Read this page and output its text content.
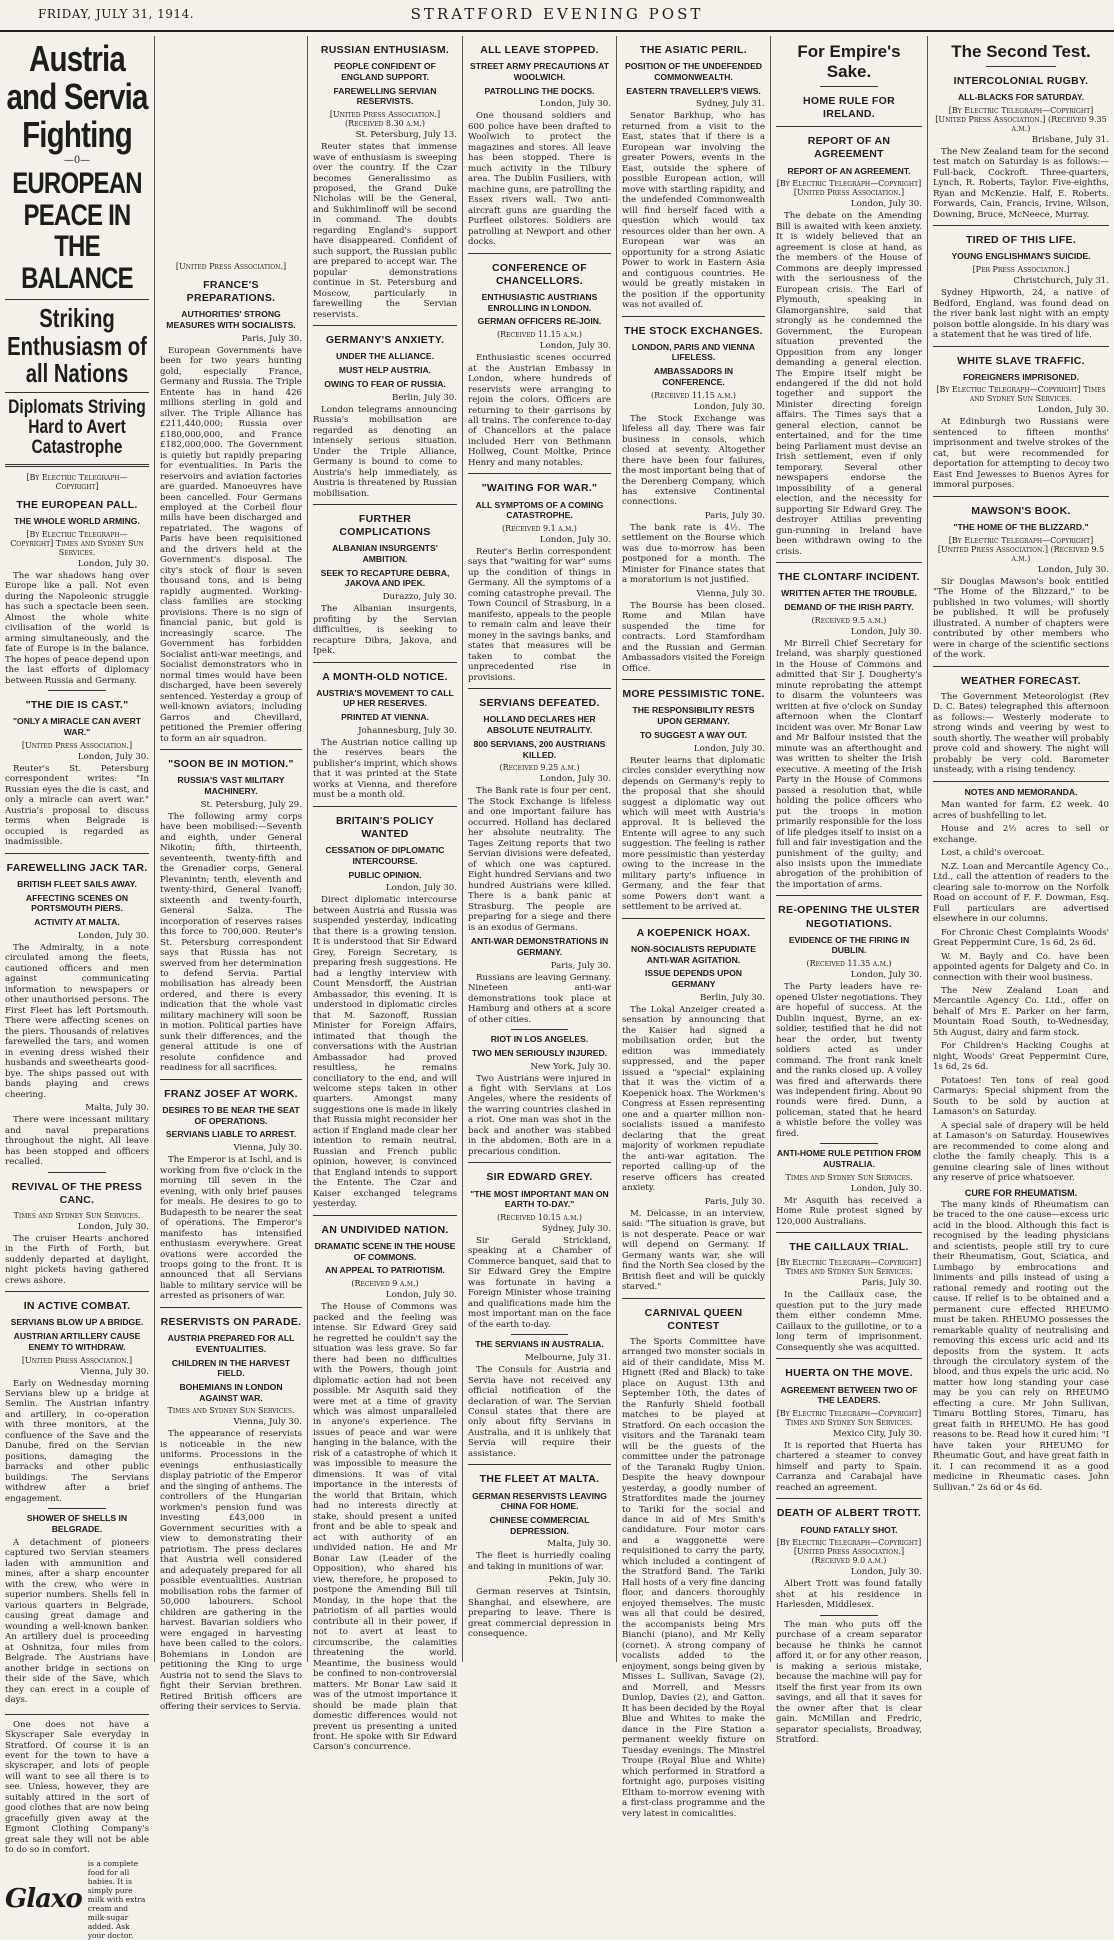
FRIDAY, JULY 31, 1914.	STRATFORD EVENING POST
Austria and Servia Fighting
—0—
EUROPEAN PEACE IN THE BALANCE
Striking Enthusiasm of all Nations
Diplomats Striving Hard to Avert Catastrophe
[By Electric Telegraph—Copyright]
THE EUROPEAN PALL.
THE WHOLE WORLD ARMING.
[By Electric Telegraph—Copyright] Times and Sydney Sun Services.
London, July 30.

The war shadows hang over Europe like a pall. Not even during the Napoleonic struggle has such a spectacle been seen. Almost the whole white civilisation of the world is arming simultaneously, and the fate of Europe is in the balance. The hopes of peace depend upon the last efforts of diplomacy between Russia and Germany.

"THE DIE IS CAST."
"ONLY A MIRACLE CAN AVERT WAR."
[United Press Association.]
London, July 30.

Reuter's St. Petersburg correspondent writes: "In Russian eyes the die is cast, and only a miracle can avert war." Austria's proposal to discuss terms when Belgrade is occupied is regarded as inadmissible.

FAREWELLING JACK TAR.
BRITISH FLEET SAILS AWAY.
AFFECTING SCENES ON PORTSMOUTH PIERS.
ACTIVITY AT MALTA.
London, July 30.

The Admiralty, in a note circulated among the fleets, cautioned officers and men against communicating information to newspapers or other unauthorised persons. The First Fleet has left Portsmouth. There were affecting scenes on the piers. Thousands of relatives farewelled the tars, and women in evening dress wished their husbands and sweethearts good-bye. The ships passed out with bands playing and crews cheering.

Malta, July 30.

There were incessant military and naval preparations throughout the night. All leave has been stopped and officers recalled.

REVIVAL OF THE PRESS CANC.
Times and Sydney Sun Services.
London, July 30.

The cruiser Hearts anchored in the Firth of Forth, but suddenly departed at daylight, night pickets having gathered crews ashore.

IN ACTIVE COMBAT.
SERVIANS BLOW UP A BRIDGE.
AUSTRIAN ARTILLERY CAUSE ENEMY TO WITHDRAW.
[United Press Association.]
Vienna, July 30.

Early on Wednesday morning Servians blew up a bridge at Semlin. The Austrian infantry and artillery, in co-operation with three monitors, at the confluence of the Save and the Danube, fired on the Servian positions, damaging the barracks and other public buildings. The Servians withdrew after a brief engagement.

SHOWER OF SHELLS IN BELGRADE.

A detachment of pioneers captured two Servian steamers laden with ammunition and mines, after a sharp encounter with the crew, who were in superior numbers. Shells fell in various quarters in Belgrade, causing great damage and wounding a well-known banker. An artillery duel is proceeding at Oshnitza, four miles from Belgrade. The Austrians have another bridge in sections on their side of the Save, which they can erect in a couple of days.

One does not have a Skyscraper Sale everyday in Stratford. Of course it is an event for the town to have a skyscraper, and lots of people will want to see all there is to see. Unless, however, they are suitably attired in the sort of good clothes that are now being gracefully given away at the Egmont Clothing Company's great sale they will not be able to do so in comfort.

Glaxo
is a complete food for all babies. It is simply pure milk with extra cream and milk-sugar added. Ask your doctor.
[United Press Association.]
FRANCE'S PREPARATIONS.
AUTHORITIES' STRONG MEASURES WITH SOCIALISTS.
Paris, July 30.

European Governments have been for two years hunting gold, especially France, Germany and Russia. The Triple Entente has in hand 426 millions sterling in gold and silver. The Triple Alliance has £211,440,000; Russia over £180,000,000, and France £182,000,000. The Government is quietly but rapidly preparing for eventualities. In Paris the reservoirs and aviation factories are guarded. Manoeuvres have been cancelled. Four Germans employed at the Corbeil flour mills have been discharged and repatriated. The wagons of Paris have been requisitioned and the drivers held at the Government's disposal. The city's stock of flour is seven thousand tons, and is being rapidly augmented. Working-class families are stocking provisions. There is no sign of financial panic, but gold is increasingly scarce. The Government has forbidden Socialist anti-war meetings, and Socialist demonstrators who in normal times would have been discharged, have been severely sentenced. Yesterday a group of well-known aviators, including Garros and Chevillard, petitioned the Premier offering to form an air squadron.

"SOON BE IN MOTION."
RUSSIA'S VAST MILITARY MACHINERY.
St. Petersburg, July 29.

The following army corps have been mobilised:—Seventh and eighth, under General Nikotin; fifth, thirteenth, seventeenth, twenty-fifth and the Grenadier corps, General Plevanintn; tenth, eleventh and twenty-third, General Ivanoff; sixteenth and twenty-fourth, General Salza. The incorporation of reserves raises this force to 700,000. Reuter's St. Petersburg correspondent says that Russia has not swerved from her determination to defend Servia. Partial mobilisation has already been ordered, and there is every indication that the whole vast military machinery will soon be in motion. Political parties have sunk their differences, and the general attitude is one of resolute confidence and readiness for all sacrifices.

FRANZ JOSEF AT WORK.
DESIRES TO BE NEAR THE SEAT OF OPERATIONS.
SERVIANS LIABLE TO ARREST.
Vienna, July 30.

The Emperor is at Ischl, and is working from five o'clock in the morning till seven in the evening, with only brief pauses for meals. He desires to go to Budapesth to be nearer the seat of operations. The Emperor's manifesto has intensified enthusiasm everywhere. Great ovations were accorded the troops going to the front. It is announced that all Servians liable to military service will be arrested as prisoners of war.

RESERVISTS ON PARADE.
AUSTRIA PREPARED FOR ALL EVENTUALITIES.
CHILDREN IN THE HARVEST FIELD.
BOHEMIANS IN LONDON AGAINST WAR.
Times and Sydney Sun Services.
Vienna, July 30.

The appearance of reservists is noticeable in the new uniforms. Processions in the evenings enthusiastically display patriotic of the Emperor and the singing of anthems. The controllers of the Hungarian workmen's pension fund was investing £43,000 in Government securities with a view to demonstrating their patriotism. The press declares that Austria well considered and adequately prepared for all possible eventualities. Austrian mobilisation robs the farmer of 50,000 labourers. School children are gathering in the harvest. Bavarian soldiers who were engaged in harvesting have been called to the colors. Bohemians in London are petitioning the King to urge Austria not to send the Slavs to fight their Servian brethren. Retired British officers are offering their services to Servia.

RUSSIAN ENTHUSIASM.
PEOPLE CONFIDENT OF ENGLAND SUPPORT.
FAREWELLING SERVIAN RESERVISTS.
[United Press Association.] (Received 8.30 a.m.)
St. Petersburg, July 13.

Reuter states that immense wave of enthusiasm is sweeping over the country. If the Czar becomes Generalissimo as proposed, the Grand Duke Nicholas will be the General, and Sukhimlinoff will be second in command. The doubts regarding England's support have disappeared. Confident of such support, the Russian public are prepared to accept war. The popular demonstrations continue in St. Petersburg and Moscow, particularly in farewelling the Servian reservists.

GERMANY'S ANXIETY.
UNDER THE ALLIANCE.
MUST HELP AUSTRIA.
OWING TO FEAR OF RUSSIA.
Berlin, July 30.

London telegrams announcing Russia's mobilisation are regarded as denoting an intensely serious situation. Under the Triple Alliance, Germany is bound to come to Austria's help immediately, as Austria is threatened by Russian mobilisation.

FURTHER COMPLICATIONS
ALBANIAN INSURGENTS' AMBITION.
SEEK TO RECAPTURE DEBRA, JAKOVA AND IPEK.
Durazzo, July 30.

The Albanian insurgents, profiting by the Servian difficulties, is seeking to recapture Dibra, Jakova, and Ipek.

A MONTH-OLD NOTICE.
AUSTRIA'S MOVEMENT TO CALL UP HER RESERVES.
PRINTED AT VIENNA.
Johannesburg, July 30.

The Austrian notice calling up the reserves bears the publisher's imprint, which shows that it was printed at the State works at Vienna, and therefore must be a month old.

BRITAIN'S POLICY WANTED
CESSATION OF DIPLOMATIC INTERCOURSE.
PUBLIC OPINION.
London, July 30.

Direct diplomatic intercourse between Austria and Russia was suspended yesterday, indicating that there is a growing tension. It is understood that Sir Edward Grey, Foreign Secretary, is preparing fresh suggestions. He had a lengthy interview with Count Mensdorff, the Austrian Ambassador, this evening. It is understood in diplomatic circles that M. Sazonoff, Russian Minister for Foreign Affairs, intimated that though the conversations with the Austrian Ambassador had proved resultless, he remains conciliatory to the end, and will welcome steps taken in other quarters. Amongst many suggestions one is made in likely that Russia might reconsider her action if England made clear her intention to remain neutral. Russian and French public opinion, however, is convinced that England intends to support the Entente. The Czar and Kaiser exchanged telegrams yesterday.

AN UNDIVIDED NATION.
DRAMATIC SCENE IN THE HOUSE OF COMMONS.
AN APPEAL TO PATRIOTISM.
(Received 9 a.m.)
London, July 30.

The House of Commons was packed and the feeling was intense. Sir Edward Grey said he regretted he couldn't say the situation was less grave. So far there had been no difficulties with the Powers, though joint diplomatic action had not been possible. Mr Asquith said they were met at a time of gravity which was almost unparalleled in anyone's experience. The issues of peace and war were hanging in the balance, with the risk of a catastrophe of which it was impossible to measure the dimensions. It was of vital importance in the interests of the world that Britain, which had no interests directly at stake, should present a united front and be able to speak and act with authority of an undivided nation. He and Mr Bonar Law (Leader of the Opposition), who shared his view, therefore, he proposed to postpone the Amending Bill till Monday, in the hope that the patriotism of all parties would contribute all in their power, if not to avert at least to circumscribe, the calamities threatening the world. Meantime, the business would be confined to non-controversial matters. Mr Bonar Law said it was of the utmost importance it should be made plain that domestic differences would not prevent us presenting a united front. He spoke with Sir Edward Carson's concurrence.

ALL LEAVE STOPPED.
STREET ARMY PRECAUTIONS AT WOOLWICH.
PATROLLING THE DOCKS.
London, July 30.

One thousand soldiers and 600 police have been drafted to Woolwich to protect the magazines and stores. All leave has been stopped. There is much activity in the Tilbury area. The Dublin Fusiliers, with machine guns, are patrolling the Essex rivers wall. Two anti-aircraft guns are guarding the Purfleet oilstores. Soldiers are patrolling at Newport and other docks.

CONFERENCE OF CHANCELLORS.
ENTHUSIASTIC AUSTRIANS ENROLLING IN LONDON.
GERMAN OFFICERS RE-JOIN.
(Received 11.15 a.m.)
London, July 30.

Enthusiastic scenes occurred at the Austrian Embassy in London, where hundreds of reservists were arranging to rejoin the colors. Officers are returning to their garrisons by all trains. The conference to-day of Chancellors at the palace included Herr von Bethmann Hollweg, Count Moltke, Prince Henry and many notables.

"WAITING FOR WAR."
ALL SYMPTOMS OF A COMING CATASTROPHE.
(Received 9.1 a.m.)
London, July 30.

Reuter's Berlin correspondent says that "waiting for war" sums up the condition of things in Germany. All the symptoms of a coming catastrophe prevail. The Town Council of Strasburg, in a manifesto, appeals to the people to remain calm and leave their money in the savings banks, and states that measures will be taken to combat the unprecedented rise in provisions.

SERVIANS DEFEATED.
HOLLAND DECLARES HER ABSOLUTE NEUTRALITY.
800 SERVIANS, 200 AUSTRIANS KILLED.
(Received 9.25 a.m.)
London, July 30.

The Bank rate is four per cent. The Stock Exchange is lifeless and one important failure has occurred. Holland has declared her absolute neutrality. The Tages Zeitung reports that two Servian divisions were defeated, of which one was captured. Eight hundred Servians and two hundred Austrians were killed. There is a bank panic at Strasburg. The people are preparing for a siege and there is an exodus of Germans.

ANTI-WAR DEMONSTRATIONS IN GERMANY.
Paris, July 30.

Russians are leaving Germany. Nineteen anti-war demonstrations took place at Hamburg and others at a score of other cities.

RIOT IN LOS ANGELES.
TWO MEN SERIOUSLY INJURED.
New York, July 30.

Two Austrians were injured in a fight with Servians at Los Angeles, where the residents of the warring countries clashed in a riot. One man was shot in the back and another was stabbed in the abdomen. Both are in a precarious condition.

SIR EDWARD GREY.
"THE MOST IMPORTANT MAN ON EARTH TO-DAY."
(Received 10.15 a.m.)
Sydney, July 30.

Sir Gerald Strickland, speaking at a Chamber of Commerce banquet, said that to Sir Edward Grey the Empire was fortunate in having a Foreign Minister whose training and qualifications made him the most important man on the face of the earth to-day.

THE SERVIANS IN AUSTRALIA.
Melbourne, July 31.

The Consuls for Austria and Servia have not received any official notification of the declaration of war. The Servian Consul states that there are only about fifty Servians in Australia, and it is unlikely that Servia will require their assistance.

THE FLEET AT MALTA.
GERMAN RESERVISTS LEAVING CHINA FOR HOME.
CHINESE COMMERCIAL DEPRESSION.
Malta, July 30.

The fleet is hurriedly coaling and taking in munitions of war.

Pekin, July 30.

German reserves at Tsintsin, Shanghai, and elsewhere, are preparing to leave. There is great commercial depression in consequence.

THE ASIATIC PERIL.
POSITION OF THE UNDEFENDED COMMONWEALTH.
EASTERN TRAVELLER'S VIEWS.
Sydney, July 31.

Senator Barkhup, who has returned from a visit to the East, states that if there is a European war involving the greater Powers, events in the East, outside the sphere of possible European action, will move with startling rapidity, and the undefended Commonwealth will find herself faced with a question which would tax resources older than her own. A European war was an opportunity for a strong Asiatic Power to work in Eastern Asia and contiguous countries. He would be greatly mistaken in the position if the opportunity was not availed of.

THE STOCK EXCHANGES.
LONDON, PARIS AND VIENNA LIFELESS.
AMBASSADORS IN CONFERENCE.
(Received 11.15 a.m.)
London, July 30.

The Stock Exchange was lifeless all day. There was fair business in consols, which closed at seventy. Altogether there have been four failures, the most important being that of the Derenberg Company, which has extensive Continental connections.

Paris, July 30.

The bank rate is 4½. The settlement on the Bourse which was due to-morrow has been postponed for a month. The Minister for Finance states that a moratorium is not justified.

Vienna, July 30.

The Bourse has been closed. Rome and Milan have suspended the time for contracts. Lord Stamfordham and the Russian and German Ambassadors visited the Foreign Office.

MORE PESSIMISTIC TONE.
THE RESPONSIBILITY RESTS UPON GERMANY.
TO SUGGEST A WAY OUT.
London, July 30.

Reuter learns that diplomatic circles consider everything now depends on Germany's reply to the proposal that she should suggest a diplomatic way out which will meet with Austria's approval. It is believed the Entente will agree to any such suggestion. The feeling is rather more pessimistic than yesterday owing to the increase in the military party's influence in Germany, and the fear that some Powers don't want a settlement to be arrived at.

A KOEPENICK HOAX.
NON-SOCIALISTS REPUDIATE ANTI-WAR AGITATION.
ISSUE DEPENDS UPON GERMANY
Berlin, July 30.

The Lokal Anzeiger created a sensation by announcing that the Kaiser had signed a mobilisation order, but the edition was immediately suppressed, and the paper issued a "special" explaining that it was the victim of a Koepenick hoax. The Workmen's Congress at Essen representing one and a quarter million non-socialists issued a manifesto declaring that the great majority of workmen repudiate the anti-war agitation. The reported calling-up of the reserve officers has created anxiety.

Paris, July 30.

M. Delcasse, in an interview, said: "The situation is grave, but is not desperate. Peace or war will depend on Germany. If Germany wants war, she will find the North Sea closed by the British fleet and will be quickly starved."

CARNIVAL QUEEN CONTEST

The Sports Committee have arranged two monster socials in aid of their candidate, Miss M. Hignett (Red and Black) to take place on August 13th and September 10th, the dates of the Ranfurly Shield football matches to be played at Stratford. On each occasion the visitors and the Taranaki team will be the guests of the committee under the patronage of the Taranaki Rugby Union. Despite the heavy downpour yesterday, a goodly number of Stratfordites made the journey to Tariki for the social and dance in aid of Mrs Smith's candidature. Four motor cars and a waggonette were requisitioned to carry the party, which included a contingent of the Stratford Band. The Tariki Hall hosts of a very fine dancing floor, and dancers thoroughly enjoyed themselves. The music was all that could be desired, the accompanists being Mrs Bianchi (piano), and Mr Kelly (cornet). A strong company of vocalists added to the enjoyment, songs being given by Misses L. Sullivan, Savage (2), and Morrell, and Messrs Dunlop, Davies (2), and Gatton. It has been decided by the Royal Blue and Whites to make the dance in the Fire Station a permanent weekly fixture on Tuesday evenings. The Minstrel Troupe (Royal Blue and White) which performed in Stratford a fortnight ago, purposes visiting Eltham to-morrow evening with a first-class programme and the very latest in comicalities.

For Empire's Sake.
HOME RULE FOR IRELAND.
REPORT OF AN AGREEMENT
REPORT OF AN AGREEMENT.
[By Electric Telegraph—Copyright] [United Press Association.]
London, July 30.

The debate on the Amending Bill is awaited with keen anxiety. It is widely believed that an agreement is close at hand, as the members of the House of Commons are deeply impressed with the seriousness of the European crisis. The Earl of Plymouth, speaking in Glamorganshire, said that strongly as he condemned the Government, the European situation prevented the Opposition from any longer demanding a general election. The Empire itself might be endangered if the did not hold together and support the Minister directing foreign affairs. The Times says that a general election, cannot be entertained, and for the time being Parliament must devise an Irish settlement, even if only temporary. Several other newspapers endorse the impossibility of a general election, and the necessity for supporting Sir Edward Grey. The destroyer Attilias preventing gun-running in Ireland have been withdrawn owing to the crisis.

THE CLONTARF INCIDENT.
WRITTEN AFTER THE TROUBLE.
DEMAND OF THE IRISH PARTY.
(Received 9.5 a.m.)
London, July 30.

Mr Birrell Chief Secretary for Ireland, was sharply questioned in the House of Commons and admitted that Sir J. Dougherty's minute reprobating the attempt to disarm the volunteers was written at five o'clock on Sunday afternoon when the Clontarf incident was over. Mr Bonar Law and Mr Balfour insisted that the minute was an afterthought and was written to shelter the Irish executive. A meeting of the Irish Party in the House of Commons passed a resolution that, while holding the police officers who put the troops in motion primarily responsible for the loss of life pledges itself to insist on a full and fair investigation and the punishment of the guilty; and also insists upon the immediate abrogation of the prohibition of the importation of arms.

RE-OPENING THE ULSTER NEGOTIATIONS.
EVIDENCE OF THE FIRING IN DUBLIN.
(Received 11.35 a.m.)
London, July 30.

The Party leaders have re-opened Ulster negotiations. They are hopeful of success. At the Dublin inquest, Byrne, an ex-soldier, testified that he did not hear the order, but twenty soldiers acted as under command. The front rank knelt and the ranks closed up. A volley was fired and afterwards there was independent firing. About 90 rounds were fired. Dunn, a policeman, stated that he heard a whistle before the volley was fired.

ANTI-HOME RULE PETITION FROM AUSTRALIA.
Times and Sydney Sun Services.
London, July 30.

Mr Asquith has received a Home Rule protest signed by 120,000 Australians.

THE CAILLAUX TRIAL.
[By Electric Telegraph—Copyright] Times and Sydney Sun Services.
Paris, July 30.

In the Caillaux case, the question put to the jury made them either condemn Mme. Caillaux to the guillotine, or to a long term of imprisonment. Consequently she was acquitted.

HUERTA ON THE MOVE.
AGREEMENT BETWEEN TWO OF THE LEADERS.
[By Electric Telegraph—Copyright] Times and Sydney Sun Services.
Mexico City, July 30.

It is reported that Huerta has chartered a steamer to convey himself and party to Spain. Carranza and Carabajal have reached an agreement.

DEATH OF ALBERT TROTT.
FOUND FATALLY SHOT.
[By Electric Telegraph—Copyright] [United Press Association.] (Received 9.0 a.m.)
London, July 30.

Albert Trott was found fatally shot at his residence in Harlesden, Middlesex.

The man who puts off the purchase of a cream separator because he thinks he cannot afford it, or for any other reason, is making a serious mistake, because the machine will pay for itself the first year from its own savings, and all that it saves for the owner after that is clear gain. McMillan and Fredric, separator specialists, Broadway, Stratford.

The Second Test.
INTERCOLONIAL RUGBY.
ALL-BLACKS FOR SATURDAY.
[By Electric Telegraph—Copyright] [United Press Association.] (Received 9.35 a.m.)
Brisbane, July 31.

The New Zealand team for the second test match on Saturday is as follows:— Full-back, Cockroft. Three-quarters, Lynch, R. Roberts, Taylor. Five-eighths, Ryan and McKenzie. Half, E. Roberts. Forwards, Cain, Francis, Irvine, Wilson, Downing, Bruce, McNeece, Murray.

TIRED OF THIS LIFE.
YOUNG ENGLISHMAN'S SUICIDE.
[Per Press Association.]
Christchurch, July 31.

Sydney Hipworth, 24, a native of Bedford, England, was found dead on the river bank last night with an empty poison bottle alongside. In his diary was a statement that he was tired of life.

WHITE SLAVE TRAFFIC.
FOREIGNERS IMPRISONED.
[By Electric Telegraph—Copyright] Times and Sydney Sun Services.
London, July 30.

At Edinburgh two Russians were sentenced to fifteen months' imprisonment and twelve strokes of the cat, but were recommended for deportation for attempting to decoy two East End Jewesses to Buenos Ayres for immoral purposes.

MAWSON'S BOOK.
"THE HOME OF THE BLIZZARD."
[By Electric Telegraph—Copyright] [United Press Association.] (Received 9.5 a.m.)
London, July 30.

Sir Douglas Mawson's book entitled "The Home of the Blizzard," to be published in two volumes, will shortly be published. It will be profusely illustrated. A number of chapters were contributed by other members who were in charge of the scientific sections of the work.

WEATHER FORECAST.

The Government Meteorologist (Rev D. C. Bates) telegraphed this afternoon as follows:— Westerly moderate to strong winds and veering by west to south shortly. The weather will probably prove cold and showery. The night will probably be very cold. Barometer unsteady, with a rising tendency.

NOTES AND MEMORANDA.

Man wanted for farm. £2 week. 40 acres of bushfelling to let.

House and 2½ acres to sell or exchange.

Lost, a child's overcoat.

N.Z. Loan and Mercantile Agency Co., Ltd., call the attention of readers to the clearing sale to-morrow on the Norfolk Road on account of F. F. Dowman, Esq. Full particulars are advertised elsewhere in our columns.

For Chronic Chest Complaints Woods' Great Peppermint Cure, 1s 6d, 2s 6d.

W. M. Bayly and Co. have been appointed agents for Dalgety and Co. in connection with their wool business.

The New Zealand Loan and Mercantile Agency Co. Ltd., offer on behalf of Mrs E. Parker on her farm, Mountain Road South, to-Wednesday, 5th August, dairy and farm stock.

For Children's Hacking Coughs at night, Woods' Great Peppermint Cure, 1s 6d, 2s 6d.

Potatoes! Ten tons of real good Carmarys: Special shipment from the South to be sold by auction at Lamason's on Saturday.

A special sale of drapery will be held at Lamason's on Saturday. Housewives are recommended to come along and clothe the family cheaply. This is a genuine clearing sale of lines without any reserve of price whatsoever.

CURE FOR RHEUMATISM.

The many kinds of Rheumatism can be traced to the one cause—excess uric acid in the blood. Although this fact is recognised by the leading physicians and scientists, people still try to cure their Rheumatism, Gout, Sciatica, and Lumbago by embrocations and liniments and pills instead of using a rational remedy and rooting out the cause. If relief is to be obtained and a permanent cure effected RHEUMO must be taken. RHEUMO possesses the remarkable quality of neutralising and removing this excess uric acid and its deposits from the system. It acts through the circulatory system of the blood, and thus expels the uric acid. No matter how long standing your case may be you can rely on RHEUMO effecting a cure. Mr John Sullivan, Timaru Bottling Stores, Timaru, has great faith in RHEUMO. He has good reasons to be. Read how it cured him: "I have taken your RHEUMO for Rheumatic Gout, and have great faith in it. I can recommend it as a good medicine in Rheumatic cases. John Sullivan." 2s 6d or 4s 6d.
